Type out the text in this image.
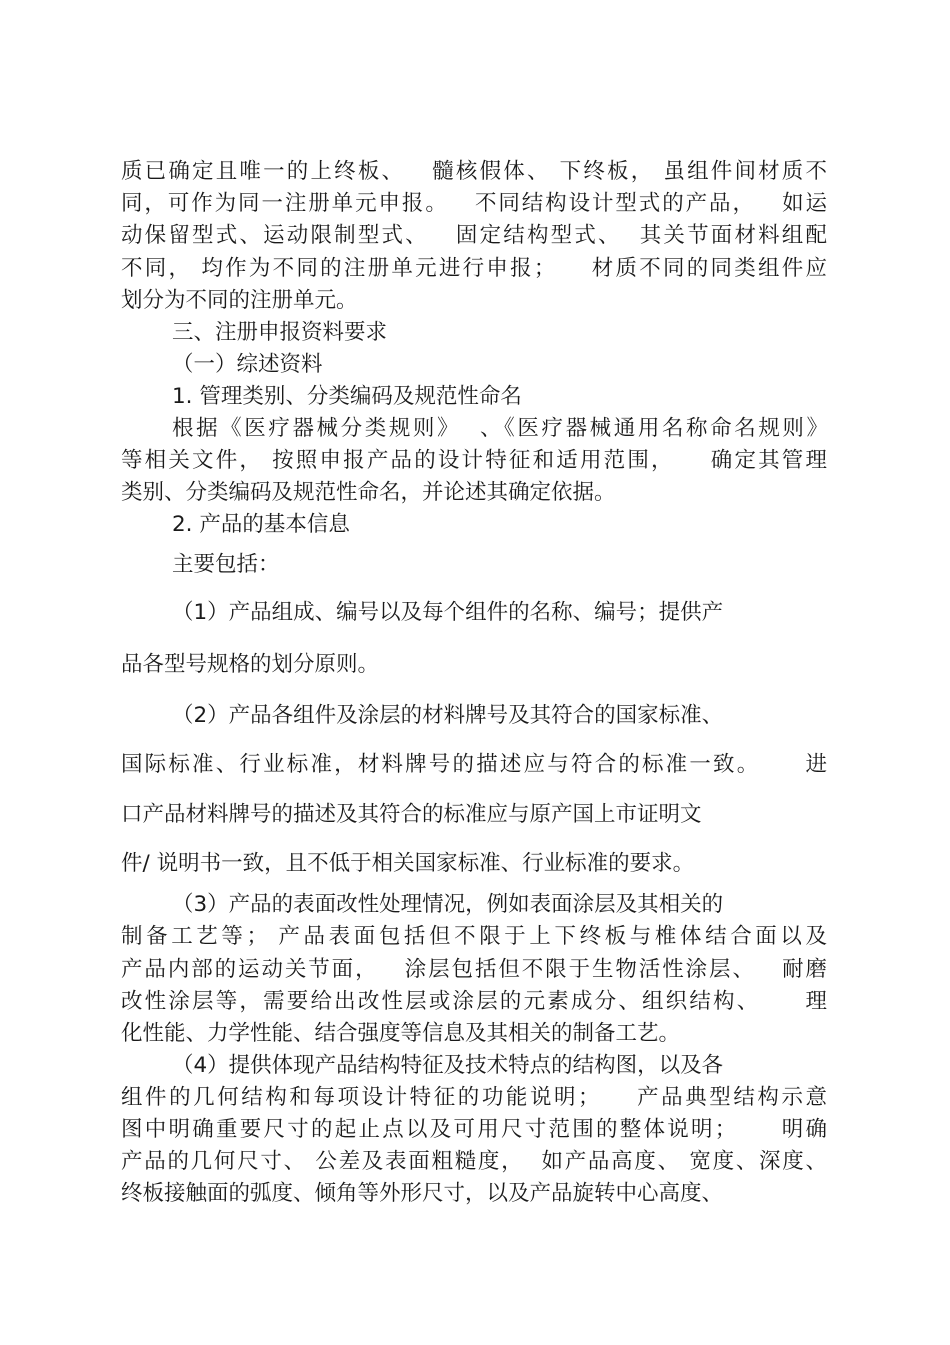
质已确定且唯一的上终板、   髓核假体、 下终板， 虽组件间材质不

同，可作为同一注册单元申报。   不同结构设计型式的产品，   如运

动保留型式、运动限制型式、   固定结构型式、  其关节面材料组配

不同， 均作为不同的注册单元进行申报；    材质不同的同类组件应

划分为不同的注册单元。

三、注册申报资料要求

（一）综述资料

1. 管理类别、分类编码及规范性命名

根据《医疗器械分类规则》  、《医疗器械通用名称命名规则》

等相关文件， 按照申报产品的设计特征和适用范围，    确定其管理

类别、分类编码及规范性命名，并论述其确定依据。

2. 产品的基本信息

主要包括：

（1）产品组成、编号以及每个组件的名称、编号；提供产

品各型号规格的划分原则。

（2）产品各组件及涂层的材料牌号及其符合的国家标准、

国际标准、行业标准，材料牌号的描述应与符合的标准一致。     进

口产品材料牌号的描述及其符合的标准应与原产国上市证明文

件/ 说明书一致，且不低于相关国家标准、行业标准的要求。

（3）产品的表面改性处理情况，例如表面涂层及其相关的

制备工艺等； 产品表面包括但不限于上下终板与椎体结合面以及

产品内部的运动关节面，   涂层包括但不限于生物活性涂层、   耐磨

改性涂层等，需要给出改性层或涂层的元素成分、组织结构、     理

化性能、力学性能、结合强度等信息及其相关的制备工艺。

（4）提供体现产品结构特征及技术特点的结构图，以及各

组件的几何结构和每项设计特征的功能说明；    产品典型结构示意

图中明确重要尺寸的起止点以及可用尺寸范围的整体说明；     明确

产品的几何尺寸、 公差及表面粗糙度，  如产品高度、 宽度、深度、

终板接触面的弧度、倾角等外形尺寸，以及产品旋转中心高度、
